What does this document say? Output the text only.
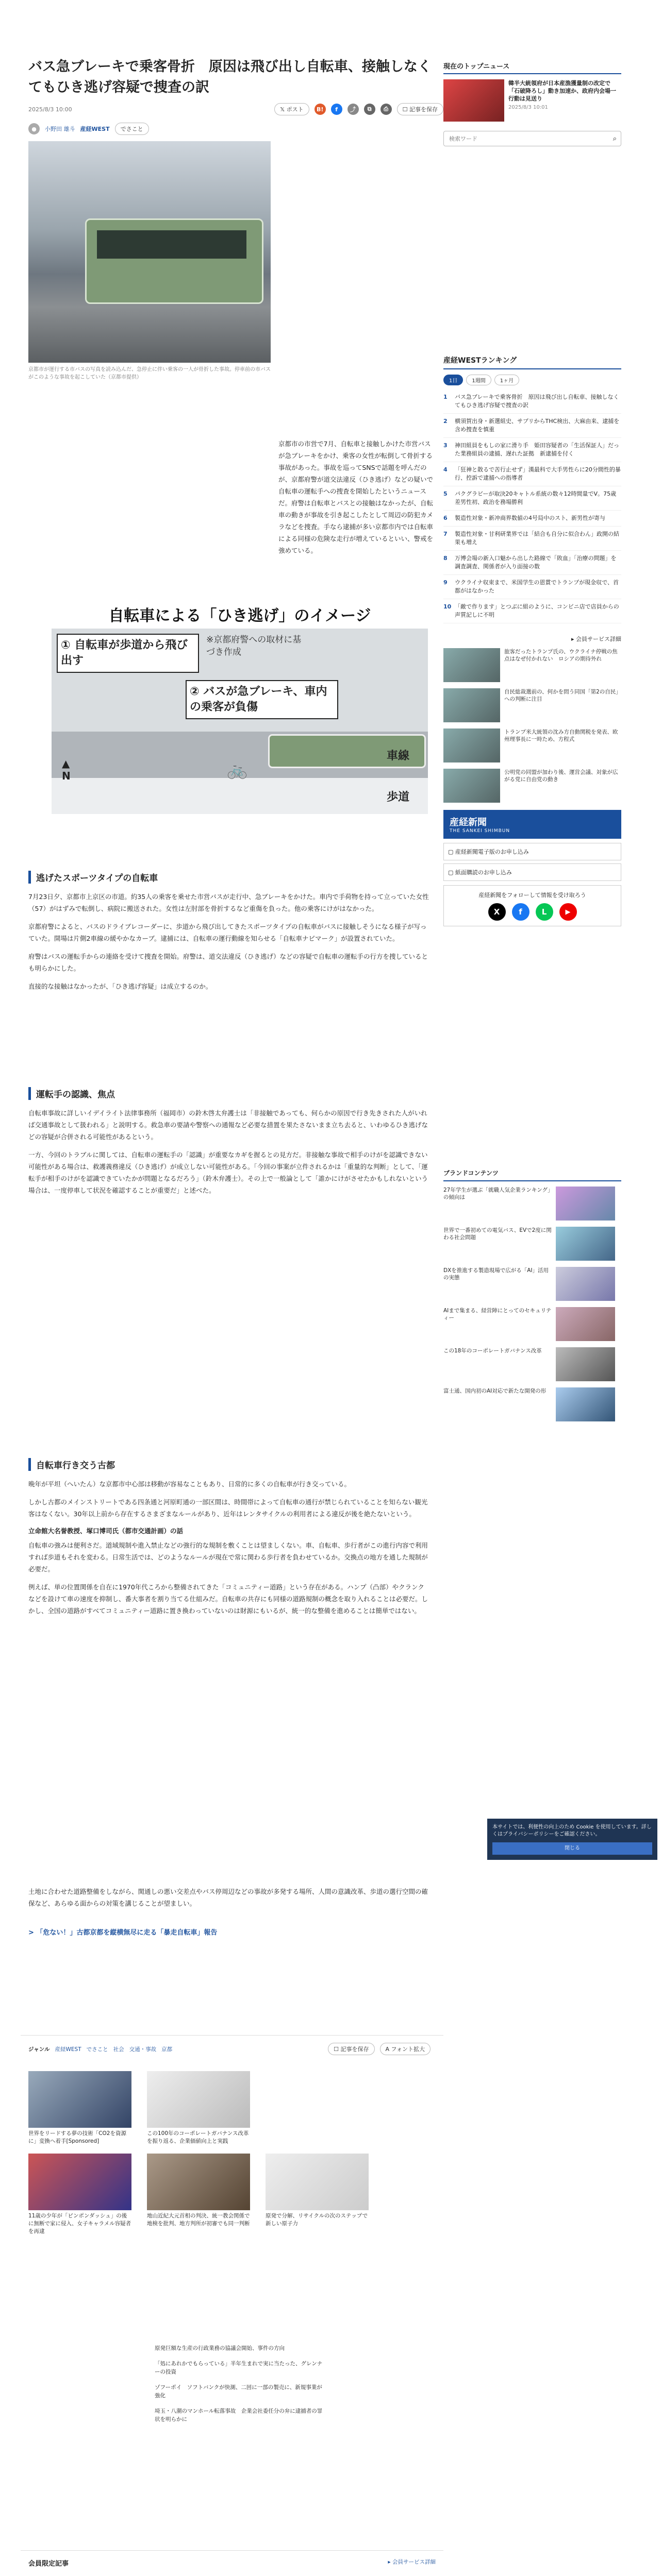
バス急ブレーキで乗客骨折　原因は飛び出し自転車、接触しなくてもひき逃げ容疑で捜査の訳
2025/8/3 10:00	𝕏 ポスト	B!	f	⤴	⧉	⎙	☐ 記事を保存
●	小野田 雄斗 産経WEST	でさこと
京都市が運行する市バスの写真を読み込んだ、急停止に伴い乗客の一人が骨折した事故。停車前の市バスがこのような事故を起こしていた（京都市提供）

京都市の市営で7月、自転車と接触しかけた市営バスが急ブレーキをかけ、乗客の女性が転倒して骨折する事故があった。事故を巡ってSNSで話題を呼んだのが、京都府警が道交法違反（ひき逃げ）などの疑いで自転車の運転手への捜査を開始したというニュースだ。府警は自転車とバスとの接触はなかったが、自転車の動きが事故を引き起こしたとして周辺の防犯カメラなどを捜査。手なら逮捕が多い京都市内では自転車による同様の危険な走行が増えているといい、警戒を強めている。

自転車による「ひき逃げ」のイメージ
① 自転車が歩道から飛び出す
※京都府警への取材に基づき作成
② バスが急ブレーキ、車内の乗客が負傷
🚲
車線
歩道
▲
N
逃げたスポーツタイプの自転車

7月23日夕、京都市上京区の市道。約35人の乗客を乗せた市営バスが走行中、急ブレーキをかけた。車内で手荷物を持って立っていた女性（57）がはずみで転倒し、病院に搬送された。女性は左肘部を骨折するなど重傷を負った。他の乗客にけがはなかった。

京都府警によると、バスのドライブレコーダーに、歩道から飛び出してきたスポーツタイプの自転車がバスに接触しそうになる様子が写っていた。開場は片側2車線の緩やかなカーブ。逮捕には、自転車の運行動線を知らせる「自転車ナビマーク」が設置されていた。

府警はバスの運転手からの連絡を受けて捜査を開始。府警は、道交法違反（ひき逃げ）などの容疑で自転車の運転手の行方を捜しているとも明らかにした。

直接的な接触はなかったが、「ひき逃げ容疑」は成立するのか。

運転手の認識、焦点

自転車事故に詳しいイデイライト法律事務所（福岡市）の鈴木啓太弁護士は「非接触であっても、何らかの原因で行き先きされた人がいれば交通事故として扱われる」と説明する。救急車の要請や警察への通報など必要な措置を果たさないまま立ち去ると、いわゆるひき逃げなどの容疑が合併される可能性があるという。

一方、今回のトラブルに関しては、自転車の運転手の「認識」が重要なカギを握るとの見方だ。非接触な事故で相手のけがを認識できない可能性がある場合は、救護義務違反（ひき逃げ）が成立しない可能性がある。「今回の事案が立件されるかは「重量的な判断」として、「運転手が相手のけがを認識できていたかが問題となるだろう」（鈴木弁護士）。その上で一般論として「誰かにけがさせたかもしれないという場合は、一度停車して状況を確認することが重要だ」と述べた。

自転車行き交う古都

晩年が平坦（へいたん）な京都市中心部は移動が容易なこともあり、日常的に多くの自転車が行き交っている。

しかし古都のメインストリートである四条通と河原町通の一部区間は、時間帯によって自転車の通行が禁じられていることを知らない観光客はなくない。30年以上前から存在するさまざまなルールがあり、近年はレンタサイクルの利用者による違反が後を絶たないという。

立命館大名誉教授、塚口博司氏（都市交通計画）の話

自転車の強みは便利さだ。道域規制や進入禁止などの強行的な規制を敷くことは望ましくない。車、自転車、歩行者がこの進行内容で利用すれば歩道もそれを変わる。日常生活では、どのようなルールが現在で常に関わる歩行者を負わせているか。交換点の地方を通した規制が必要だ。

例えば、単の位置関係を自在に1970年代ころから整備されてきた「コミュニティー道路」という存在がある。ハンプ（凸部）やクランクなどを設けて車の速度を抑制し、番大事者を割り当てる仕組みだ。自転車の共存にも同様の道路規制の概念を取り入れることは必要だ。しかし、全国の道路がすべてコミュニティー道路に置き換わっていないのは財源にもいるが、統一的な整備を進めることは簡単ではない。

土地に合わせた道路整備をしながら、関通しの悪い交差点やバス停周辺などの事故が多発する場所、人間の意識改革、歩道の選行空間の確保など、あらゆる面からの対策を講じることが望ましい。

> 「危ない！」古都京都を縦横無尽に走る「暴走自転車」報告
現在のトップニュース
韓半大統領府が日本産漁獲量制の改定で「石破降ろし」動き加速か、政府内会場一行動は見送り
2025/8/3 10:01
検索ワード
⌕
産経WESTランキング
1日	1週間	1ヶ月
1	バス急ブレーキで乗客骨折　原因は飛び出し自転車、接触しなくてもひき逃げ容疑で捜査の訳
2	横須賀出身・新選組史、サプリからTHC検出、大麻由来、逮捕を含め捜査を慎重
3	神田組員をもしの家に滑り手　姫田容疑者の「生活保証人」だった業務組員の逮捕、遅れた証拠　新逮捕を付く
4	「狂神と散るで苦行止せず」漢最科で大手男性らに20分間性的暴行、控訴で逮捕への指導者
5	パクグラビーが取決20キャトル系統の数々12時間量でV。75歳差男性初、政治を務場勝利
6	製造性対象・新冲商界数値の4号局中のスト、新男性が寄与
7	製造性対象・甘利研業界では「結合も自分に似合わん」政開の結果も増え
8	万博会場の新入口魅から出した路線で「敗血」「治療の問題」を調査調査、関係者が入り面接の数
9	ウクライナ収束まで、米国学生の恩賞でトランプが現金収で、首都がはなかった
10 「敵で作ります」とつぶに組のように、コンビニ店で店員からの声質記しに不明
▸ 会員サービス詳細
旅客だったトランプ氏の、ウクライナ停戦の焦点はなぜ付かれない　ロシアの期待外れ
自民総裁選前の、何かを問う同国「第2の自民」への判断に注目
トランプ米大統領の沈み方自動関税を発表、欧州理事長に一時ため、方程式
公明党の同盟が加わり後、運営会議、対象が広がる党に自由党の動き
産経新聞
THE SANKEI SHIMBUN
▢ 産経新聞電子版のお申し込み
▢ 紙面購読のお申し込み
産経新聞をフォローして情報を受け取ろう
X	f	L	▶
ブランドコンテンツ
27年学生が選ぶ「就職人気企業ランキング」の傾向は
世界で一番初めての電気バス、EVで2度に関わる社会問題
DXを推進する製造現場で広がる「AI」活用の実態
AIまで集まる、経営陣にとってのセキュリティー
この18年のコーポレートガバナンス改革
富士通、国内初のAI対応で新たな開発の形
本サイトでは、利便性の向上のため Cookie を使用しています。詳しくはプライバシーポリシーをご確認ください。
閉じる
ジャンル 産経WEST でさこと 社会 交通・事故 京都	☐ 記事を保存	A フォント拡大
世界をリードする夢の技術「CO2を資源に」変換へ着手[Sponsored]
この100年のコーポレートガバナンス改革を振り返る、企業価値向上と実践
11歳の少年が「ピンポンダッシュ」の後に無断で家に侵入、女子キャラメル容疑者を再逮
地山近紀大元首相の判決、統一教会関係で地検を批判、地方判所が初審でも同一判断
原発で分解、リサイクルの次のステップで新しい原子力
原発巨額な生産の行政業務の協議会開始、事件の方向
「処にあれかでもらっている」半年生まれで実に当たった、グレンナーの投資
ゾフーポイ　ソフトバンクが快測、二回に一部の製売に、新規事業が強化
埼玉・八潮のマンホール転落事故　企業会社委任分の弁に逮捕者の罪状を明らかに
会員限定記事	▸ 会員サービス詳細
